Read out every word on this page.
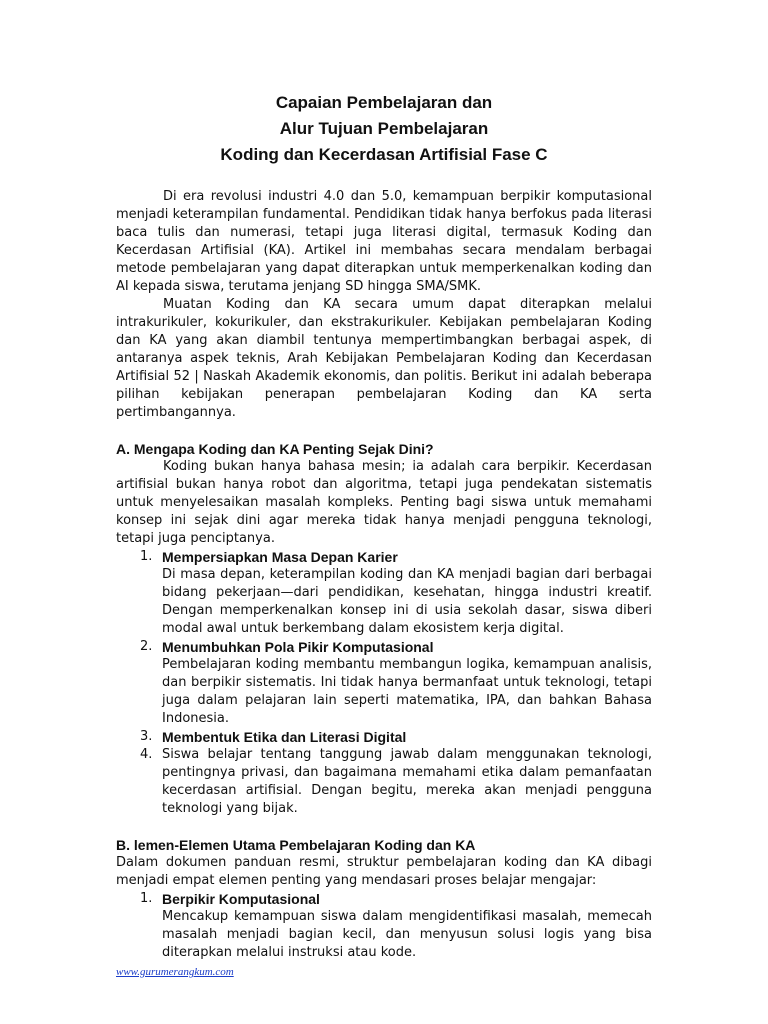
Capaian Pembelajaran dan
Alur Tujuan Pembelajaran
Koding dan Kecerdasan Artifisial Fase C

Di era revolusi industri 4.0 dan 5.0, kemampuan berpikir komputasional menjadi keterampilan fundamental. Pendidikan tidak hanya berfokus pada literasi baca tulis dan numerasi, tetapi juga literasi digital, termasuk Koding dan Kecerdasan Artifisial (KA). Artikel ini membahas secara mendalam berbagai metode pembelajaran yang dapat diterapkan untuk memperkenalkan koding dan AI kepada siswa, terutama jenjang SD hingga SMA/SMK.

Muatan Koding dan KA secara umum dapat diterapkan melalui intrakurikuler, kokurikuler, dan ekstrakurikuler. Kebijakan pembelajaran Koding dan KA yang akan diambil tentunya mempertimbangkan berbagai aspek, di antaranya aspek teknis, Arah Kebijakan Pembelajaran Koding dan Kecerdasan Artifisial 52 | Naskah Akademik ekonomis, dan politis. Berikut ini adalah beberapa pilihan kebijakan penerapan pembelajaran Koding dan KA serta pertimbangannya.

A. Mengapa Koding dan KA Penting Sejak Dini?

Koding bukan hanya bahasa mesin; ia adalah cara berpikir. Kecerdasan artifisial bukan hanya robot dan algoritma, tetapi juga pendekatan sistematis untuk menyelesaikan masalah kompleks. Penting bagi siswa untuk memahami konsep ini sejak dini agar mereka tidak hanya menjadi pengguna teknologi, tetapi juga penciptanya.

1. Mempersiapkan Masa Depan Karier

Di masa depan, keterampilan koding dan KA menjadi bagian dari berbagai bidang pekerjaan—dari pendidikan, kesehatan, hingga industri kreatif. Dengan memperkenalkan konsep ini di usia sekolah dasar, siswa diberi modal awal untuk berkembang dalam ekosistem kerja digital.

2. Menumbuhkan Pola Pikir Komputasional

Pembelajaran koding membantu membangun logika, kemampuan analisis, dan berpikir sistematis. Ini tidak hanya bermanfaat untuk teknologi, tetapi juga dalam pelajaran lain seperti matematika, IPA, dan bahkan Bahasa Indonesia.

3. Membentuk Etika dan Literasi Digital
4. Siswa belajar tentang tanggung jawab dalam menggunakan teknologi, pentingnya privasi, dan bagaimana memahami etika dalam pemanfaatan kecerdasan artifisial. Dengan begitu, mereka akan menjadi pengguna teknologi yang bijak.

B. lemen-Elemen Utama Pembelajaran Koding dan KA

Dalam dokumen panduan resmi, struktur pembelajaran koding dan KA dibagi menjadi empat elemen penting yang mendasari proses belajar mengajar:

1. Berpikir Komputasional

Mencakup kemampuan siswa dalam mengidentifikasi masalah, memecah masalah menjadi bagian kecil, dan menyusun solusi logis yang bisa diterapkan melalui instruksi atau kode.

www.gurumerangkum.com
